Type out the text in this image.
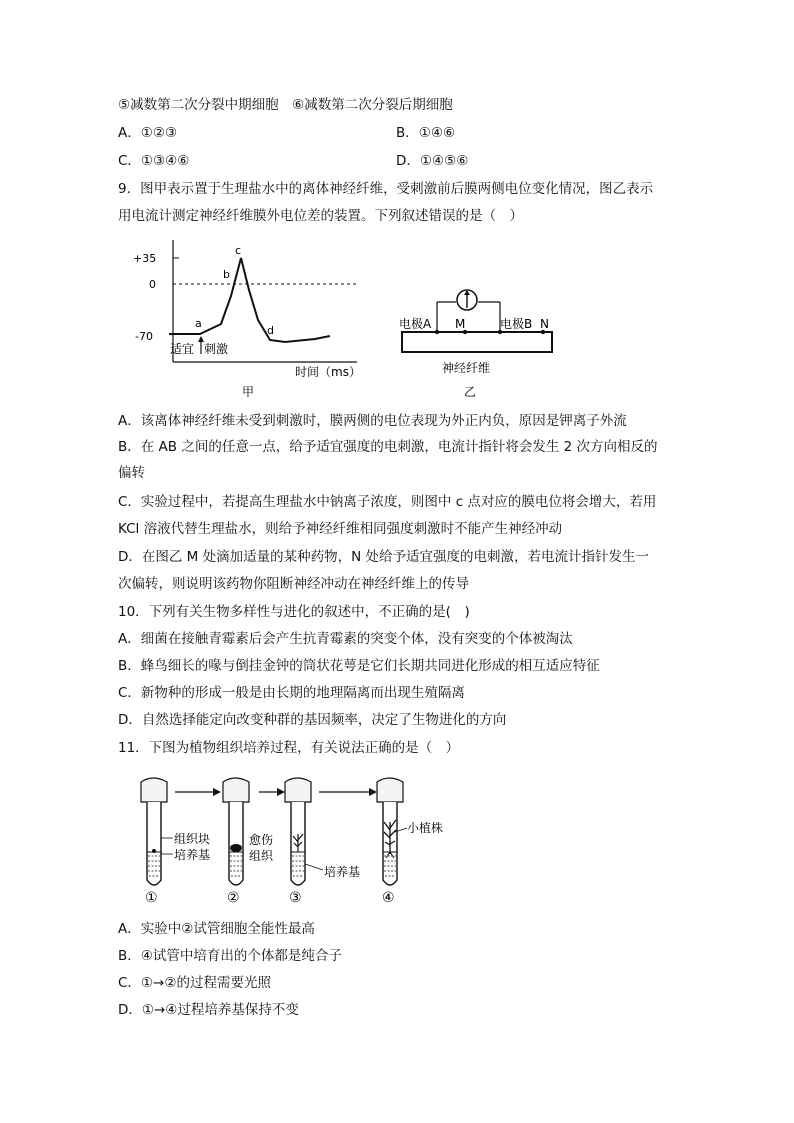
⑤减数第二次分裂中期细胞　⑥减数第二次分裂后期细胞
A．①②③	B．①④⑥
C．①③④⑥	D．①④⑤⑥
9．图甲表示置于生理盐水中的离体神经纤维，受刺激前后膜两侧电位变化情况，图乙表示
用电流计测定神经纤维膜外电位差的装置。下列叙述错误的是（　）
+35
0
-70
a
b
c
d
适宜 刺激
时间（ms）
甲
电极A M	电极B N
神经纤维
乙
A．该离体神经纤维未受到刺激时，膜两侧的电位表现为外正内负，原因是钾离子外流
B．在 AB 之间的任意一点，给予适宜强度的电刺激，电流计指针将会发生 2 次方向相反的
偏转
C．实验过程中，若提高生理盐水中钠离子浓度，则图中 c 点对应的膜电位将会增大，若用
KCl 溶液代替生理盐水，则给予神经纤维相同强度刺激时不能产生神经冲动
D．在图乙 M 处滴加适量的某种药物，N 处给予适宜强度的电刺激，若电流计指针发生一
次偏转，则说明该药物你阻断神经冲动在神经纤维上的传导
10．下列有关生物多样性与进化的叙述中，不正确的是(　)
A．细菌在接触青霉素后会产生抗青霉素的突变个体，没有突变的个体被淘汰
B．蜂鸟细长的喙与倒挂金钟的筒状花萼是它们长期共同进化形成的相互适应特征
C．新物种的形成一般是由长期的地理隔离而出现生殖隔离
D．自然选择能定向改变种群的基因频率，决定了生物进化的方向
11．下图为植物组织培养过程，有关说法正确的是（　）
组织块
培养基
①
愈伤
组织
②
培养基
③
小植株
④
A．实验中②试管细胞全能性最高
B．④试管中培育出的个体都是纯合子
C．①→②的过程需要光照
D．①→④过程培养基保持不变
